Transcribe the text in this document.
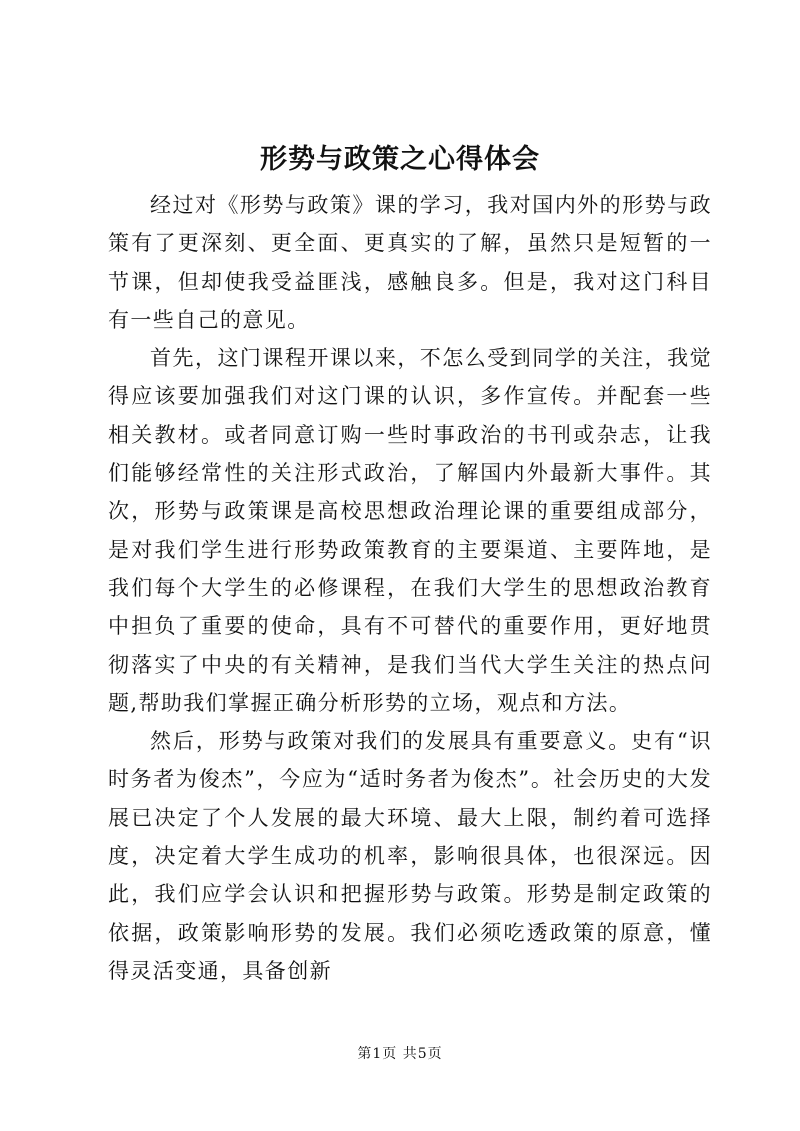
形势与政策之心得体会

经过对《形势与政策》课的学习，我对国内外的形势与政策有了更深刻、更全面、更真实的了解，虽然只是短暂的一节课，但却使我受益匪浅，感触良多。但是，我对这门科目有一些自己的意见。

首先，这门课程开课以来，不怎么受到同学的关注，我觉得应该要加强我们对这门课的认识，多作宣传。并配套一些相关教材。或者同意订购一些时事政治的书刊或杂志，让我们能够经常性的关注形式政治，了解国内外最新大事件。其次，形势与政策课是高校思想政治理论课的重要组成部分，是对我们学生进行形势政策教育的主要渠道、主要阵地，是我们每个大学生的必修课程，在我们大学生的思想政治教育中担负了重要的使命，具有不可替代的重要作用，更好地贯彻落实了中央的有关精神，是我们当代大学生关注的热点问题,帮助我们掌握正确分析形势的立场，观点和方法。

然后，形势与政策对我们的发展具有重要意义。史有“识时务者为俊杰”，今应为“适时务者为俊杰”。社会历史的大发展已决定了个人发展的最大环境、最大上限，制约着可选择度，决定着大学生成功的机率，影响很具体，也很深远。因此，我们应学会认识和把握形势与政策。形势是制定政策的依据，政策影响形势的发展。我们必须吃透政策的原意，懂得灵活变通，具备创新

第1页 共5页
